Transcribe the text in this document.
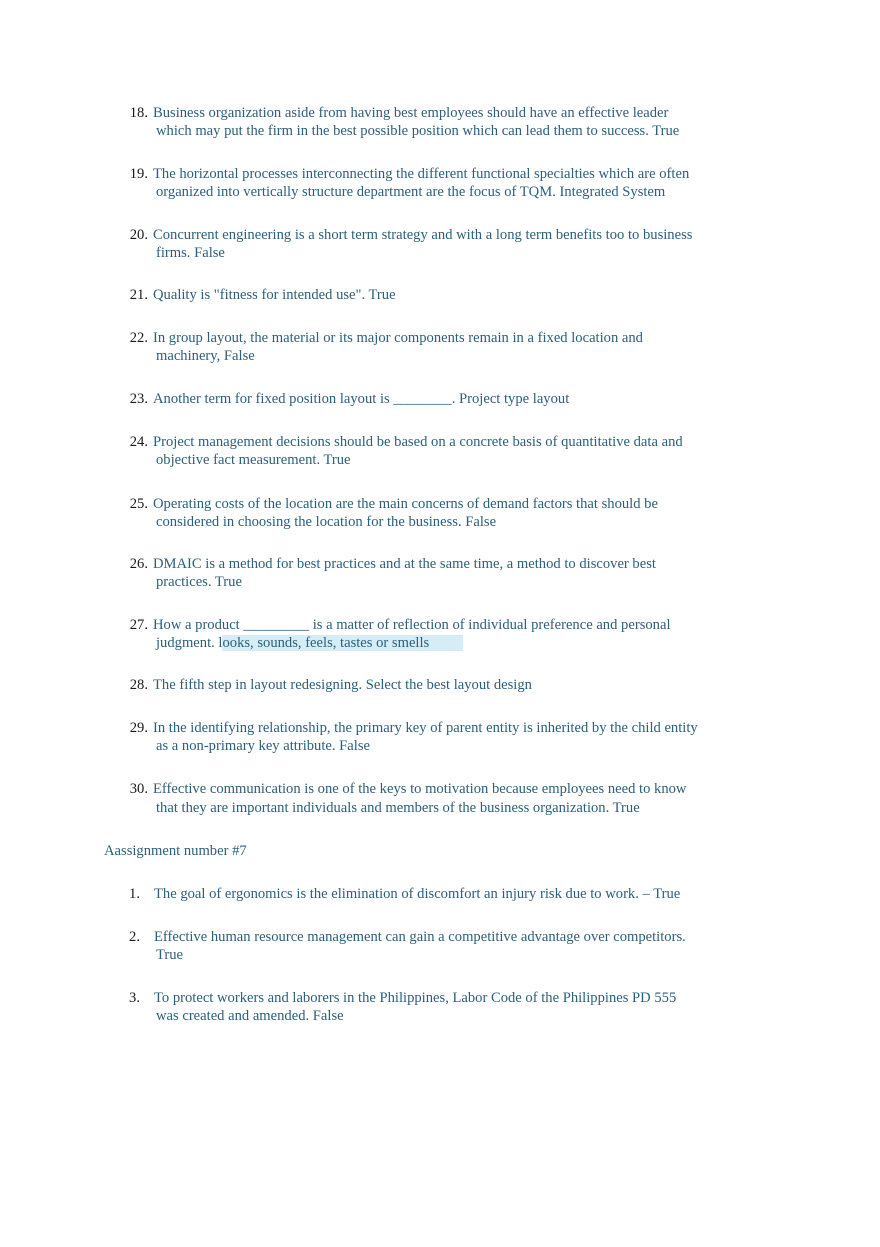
18. Business organization aside from having best employees should have an effective leader
which may put the firm in the best possible position which can lead them to success. True
19. The horizontal processes interconnecting the different functional specialties which are often
organized into vertically structure department are the focus of TQM. Integrated System
20. Concurrent engineering is a short term strategy and with a long term benefits too to business
firms. False
21. Quality is "fitness for intended use". True
22. In group layout, the material or its major components remain in a fixed location and
machinery, False
23. Another term for fixed position layout is ________. Project type layout
24. Project management decisions should be based on a concrete basis of quantitative data and
objective fact measurement. True
25. Operating costs of the location are the main concerns of demand factors that should be
considered in choosing the location for the business. False
26. DMAIC is a method for best practices and at the same time, a method to discover best
practices. True
27. How a product _________ is a matter of reflection of individual preference and personal
judgment. looks, sounds, feels, tastes or smells
28. The fifth step in layout redesigning. Select the best layout design
29. In the identifying relationship, the primary key of parent entity is inherited by the child entity
as a non-primary key attribute. False
30. Effective communication is one of the keys to motivation because employees need to know
that they are important individuals and members of the business organization. True
Aassignment number #7
1. The goal of ergonomics is the elimination of discomfort an injury risk due to work. – True
2. Effective human resource management can gain a competitive advantage over competitors.
True
3. To protect workers and laborers in the Philippines, Labor Code of the Philippines PD 555
was created and amended. False
